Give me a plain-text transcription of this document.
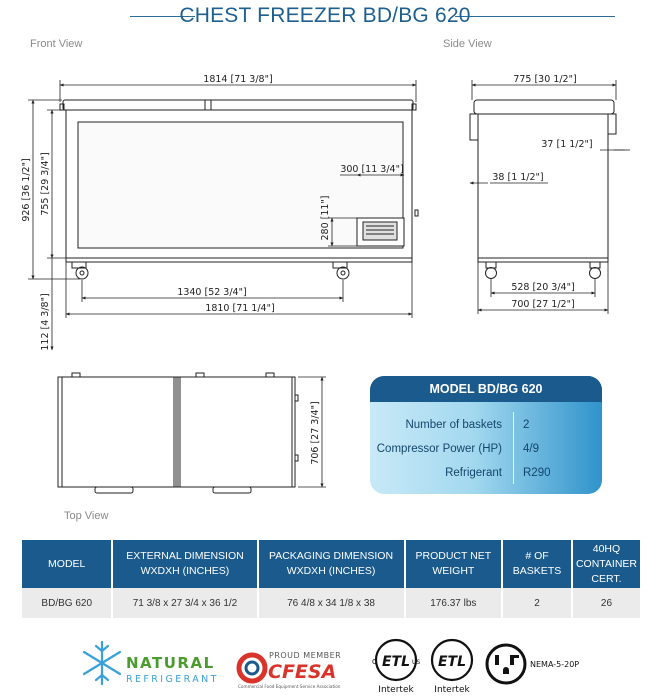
CHEST FREEZER BD/BG 620
Front View	Side View
Top View
1814 [71 3/8"]
926 [36 1/2"] 755 [29 3/4"]	300 [11 3/4"]
280 [11"]
1340 [52 3/4"]
1810 [71 1/4"]
112 [4 3/8"]
775 [30 1/2"]
37 [1 1/2"]
38 [1 1/2"]
528 [20 3/4"]
700 [27 1/2"]
706 [27 3/4"]
MODEL BD/BG 620
Number of baskets 2
Compressor Power (HP) 4/9
Refrigerant R290
MODEL	EXTERNAL DIMENSION WXDXH (INCHES)	PACKAGING DIMENSION WXDXH (INCHES)	PRODUCT NET WEIGHT	# OF BASKETS	40HQ CONTAINER CERT.
BD/BG 620	71 3/8 x 27 3/4 x 36 1/2	76 4/8 x 34 1/8 x 38	176.37 lbs	2	26
NATURAL
REFRIGERANT
PROUD MEMBER
CFESA
Commercial Food Equipment Service Association
ETL
C	US
Intertek
ETL
Intertek
NEMA-5-20P
